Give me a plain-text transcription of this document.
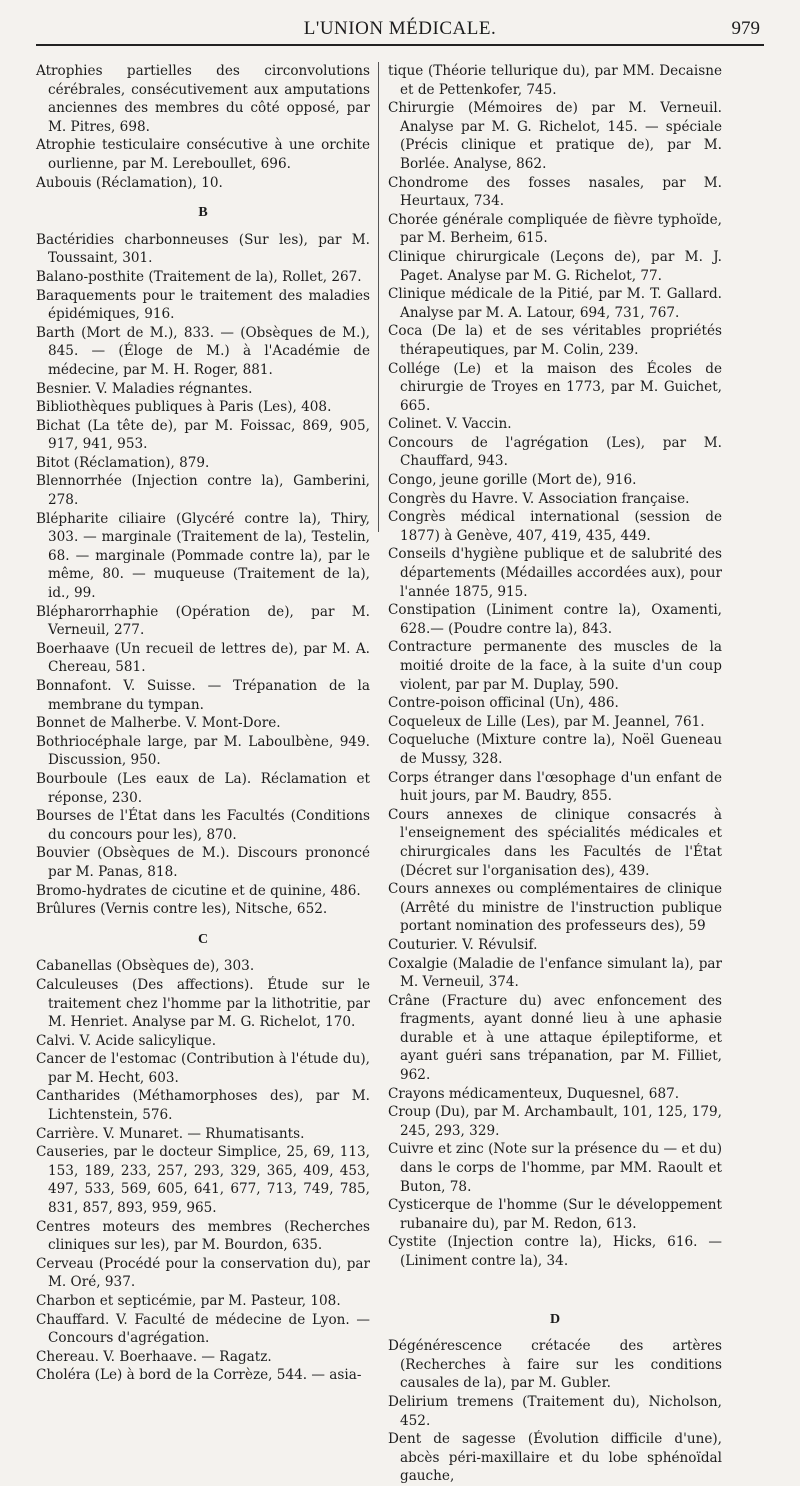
L'UNION MÉDICALE.	979

Atrophies partielles des circonvolutions cérébrales, consécutivement aux amputations anciennes des membres du côté opposé, par M. Pitres, 698.

Atrophie testiculaire consécutive à une orchite ourlienne, par M. Lereboullet, 696.

Aubouis (Réclamation), 10.

B

Bactéridies charbonneuses (Sur les), par M. Toussaint, 301.

Balano-posthite (Traitement de la), Rollet, 267.

Baraquements pour le traitement des maladies épidémiques, 916.

Barth (Mort de M.), 833. — (Obsèques de M.), 845. — (Éloge de M.) à l'Académie de médecine, par M. H. Roger, 881.

Besnier. V. Maladies régnantes.

Bibliothèques publiques à Paris (Les), 408.

Bichat (La tête de), par M. Foissac, 869, 905, 917, 941, 953.

Bitot (Réclamation), 879.

Blennorrhée (Injection contre la), Gamberini, 278.

Blépharite ciliaire (Glycéré contre la), Thiry, 303. — marginale (Traitement de la), Testelin, 68. — marginale (Pommade contre la), par le même, 80. — muqueuse (Traitement de la), id., 99.

Blépharorrhaphie (Opération de), par M. Verneuil, 277.

Boerhaave (Un recueil de lettres de), par M. A. Chereau, 581.

Bonnafont. V. Suisse. — Trépanation de la membrane du tympan.

Bonnet de Malherbe. V. Mont-Dore.

Bothriocéphale large, par M. Laboulbène, 949. Discussion, 950.

Bourboule (Les eaux de La). Réclamation et réponse, 230.

Bourses de l'État dans les Facultés (Conditions du concours pour les), 870.

Bouvier (Obsèques de M.). Discours prononcé par M. Panas, 818.

Bromo-hydrates de cicutine et de quinine, 486.

Brûlures (Vernis contre les), Nitsche, 652.

C

Cabanellas (Obsèques de), 303.

Calculeuses (Des affections). Étude sur le traitement chez l'homme par la lithotritie, par M. Henriet. Analyse par M. G. Richelot, 170.

Calvi. V. Acide salicylique.

Cancer de l'estomac (Contribution à l'étude du), par M. Hecht, 603.

Cantharides (Méthamorphoses des), par M. Lichtenstein, 576.

Carrière. V. Munaret. — Rhumatisants.

Causeries, par le docteur Simplice, 25, 69, 113, 153, 189, 233, 257, 293, 329, 365, 409, 453, 497, 533, 569, 605, 641, 677, 713, 749, 785, 831, 857, 893, 959, 965.

Centres moteurs des membres (Recherches cliniques sur les), par M. Bourdon, 635.

Cerveau (Procédé pour la conservation du), par M. Oré, 937.

Charbon et septicémie, par M. Pasteur, 108.

Chauffard. V. Faculté de médecine de Lyon. — Concours d'agrégation.

Chereau. V. Boerhaave. — Ragatz.

Choléra (Le) à bord de la Corrèze, 544. — asia-

tique (Théorie tellurique du), par MM. Decaisne et de Pettenkofer, 745.

Chirurgie (Mémoires de) par M. Verneuil. Analyse par M. G. Richelot, 145. — spéciale (Précis clinique et pratique de), par M. Borlée. Analyse, 862.

Chondrome des fosses nasales, par M. Heurtaux, 734.

Chorée générale compliquée de fièvre typhoïde, par M. Berheim, 615.

Clinique chirurgicale (Leçons de), par M. J. Paget. Analyse par M. G. Richelot, 77.

Clinique médicale de la Pitié, par M. T. Gallard. Analyse par M. A. Latour, 694, 731, 767.

Coca (De la) et de ses véritables propriétés thérapeutiques, par M. Colin, 239.

Collége (Le) et la maison des Écoles de chirurgie de Troyes en 1773, par M. Guichet, 665.

Colinet. V. Vaccin.

Concours de l'agrégation (Les), par M. Chauffard, 943.

Congo, jeune gorille (Mort de), 916.

Congrès du Havre. V. Association française.

Congrès médical international (session de 1877) à Genève, 407, 419, 435, 449.

Conseils d'hygiène publique et de salubrité des départements (Médailles accordées aux), pour l'année 1875, 915.

Constipation (Liniment contre la), Oxamenti, 628.— (Poudre contre la), 843.

Contracture permanente des muscles de la moitié droite de la face, à la suite d'un coup violent, par par M. Duplay, 590.

Contre-poison officinal (Un), 486.

Coqueleux de Lille (Les), par M. Jeannel, 761.

Coqueluche (Mixture contre la), Noël Gueneau de Mussy, 328.

Corps étranger dans l'œsophage d'un enfant de huit jours, par M. Baudry, 855.

Cours annexes de clinique consacrés à l'enseignement des spécialités médicales et chirurgicales dans les Facultés de l'État (Décret sur l'organisation des), 439.

Cours annexes ou complémentaires de clinique (Arrêté du ministre de l'instruction publique portant nomination des professeurs des), 59

Couturier. V. Révulsif.

Coxalgie (Maladie de l'enfance simulant la), par M. Verneuil, 374.

Crâne (Fracture du) avec enfoncement des fragments, ayant donné lieu à une aphasie durable et à une attaque épileptiforme, et ayant guéri sans trépanation, par M. Filliet, 962.

Crayons médicamenteux, Duquesnel, 687.

Croup (Du), par M. Archambault, 101, 125, 179, 245, 293, 329.

Cuivre et zinc (Note sur la présence du — et du) dans le corps de l'homme, par MM. Raoult et Buton, 78.

Cysticerque de l'homme (Sur le développement rubanaire du), par M. Redon, 613.

Cystite (Injection contre la), Hicks, 616. — (Liniment contre la), 34.

D

Dégénérescence crétacée des artères (Recherches à faire sur les conditions causales de la), par M. Gubler.

Delirium tremens (Traitement du), Nicholson, 452.

Dent de sagesse (Évolution difficile d'une), abcès péri-maxillaire et du lobe sphénoïdal gauche,
